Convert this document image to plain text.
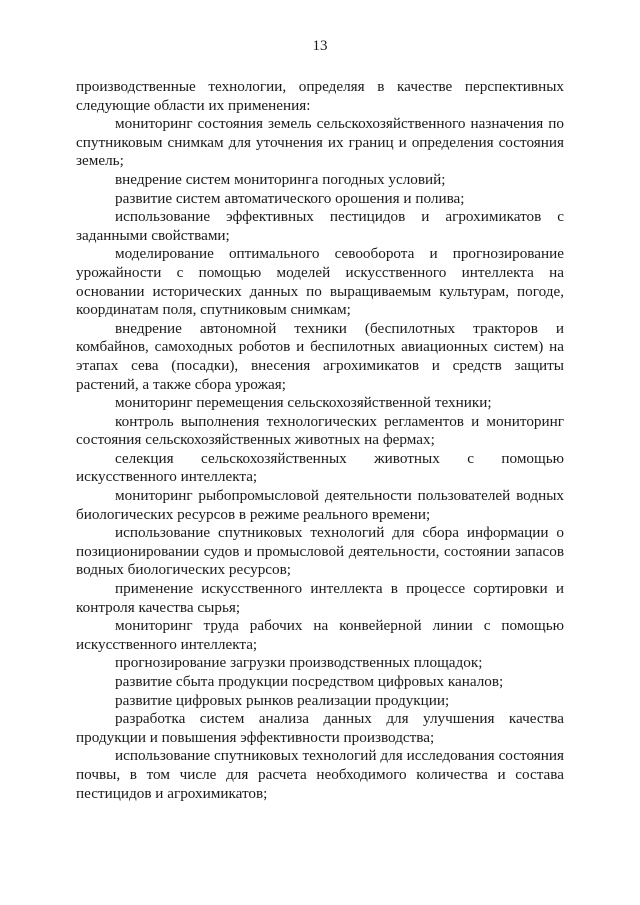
13

производственные технологии, определяя в качестве перспективных следующие области их применения:

мониторинг состояния земель сельскохозяйственного назначения по спутниковым снимкам для уточнения их границ и определения состояния земель;

внедрение систем мониторинга погодных условий;

развитие систем автоматического орошения и полива;

использование эффективных пестицидов и агрохимикатов с заданными свойствами;

моделирование оптимального севооборота и прогнозирование урожайности с помощью моделей искусственного интеллекта на основании исторических данных по выращиваемым культурам, погоде, координатам поля, спутниковым снимкам;

внедрение автономной техники (беспилотных тракторов и комбайнов, самоходных роботов и беспилотных авиационных систем) на этапах сева (посадки), внесения агрохимикатов и средств защиты растений, а также сбора урожая;

мониторинг перемещения сельскохозяйственной техники;

контроль выполнения технологических регламентов и мониторинг состояния сельскохозяйственных животных на фермах;

селекция сельскохозяйственных животных с помощью искусственного интеллекта;

мониторинг рыбопромысловой деятельности пользователей водных биологических ресурсов в режиме реального времени;

использование спутниковых технологий для сбора информации о позиционировании судов и промысловой деятельности, состоянии запасов водных биологических ресурсов;

применение искусственного интеллекта в процессе сортировки и контроля качества сырья;

мониторинг труда рабочих на конвейерной линии с помощью искусственного интеллекта;

прогнозирование загрузки производственных площадок;

развитие сбыта продукции посредством цифровых каналов;

развитие цифровых рынков реализации продукции;

разработка систем анализа данных для улучшения качества продукции и повышения эффективности производства;

использование спутниковых технологий для исследования состояния почвы, в том числе для расчета необходимого количества и состава пестицидов и агрохимикатов;
